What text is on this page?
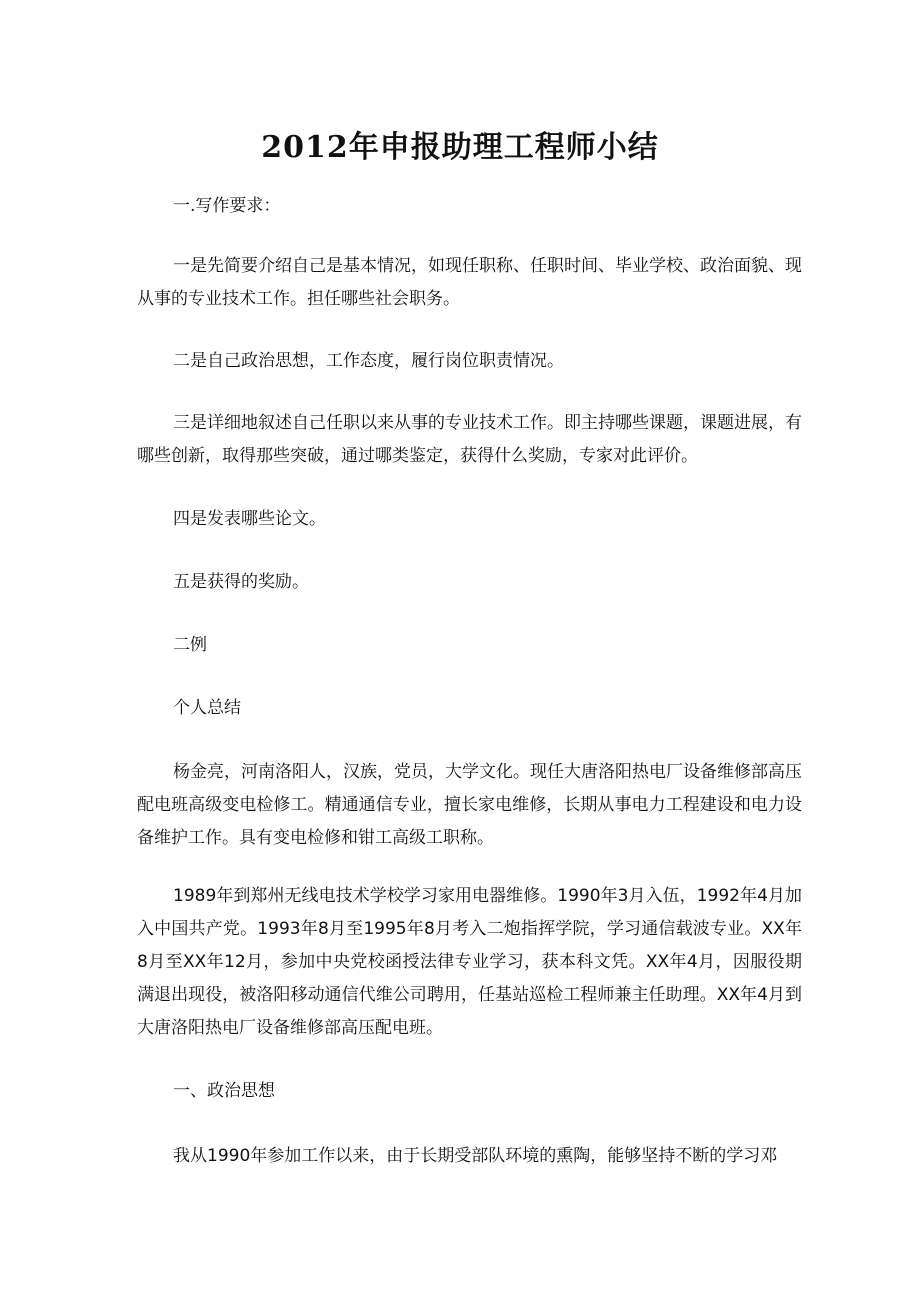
2012年申报助理工程师小结

一.写作要求：

一是先简要介绍自己是基本情况，如现任职称、任职时间、毕业学校、政治面貌、现从事的专业技术工作。担任哪些社会职务。

二是自己政治思想，工作态度，履行岗位职责情况。

三是详细地叙述自己任职以来从事的专业技术工作。即主持哪些课题，课题进展，有哪些创新，取得那些突破，通过哪类鉴定，获得什么奖励，专家对此评价。

四是发表哪些论文。

五是获得的奖励。

二例

个人总结

杨金亮，河南洛阳人，汉族，党员，大学文化。现任大唐洛阳热电厂设备维修部高压配电班高级变电检修工。精通通信专业，擅长家电维修，长期从事电力工程建设和电力设备维护工作。具有变电检修和钳工高级工职称。

1989年到郑州无线电技术学校学习家用电器维修。1990年3月入伍，1992年4月加入中国共产党。1993年8月至1995年8月考入二炮指挥学院，学习通信载波专业。XX年8月至XX年12月，参加中央党校函授法律专业学习，获本科文凭。XX年4月，因服役期满退出现役，被洛阳移动通信代维公司聘用，任基站巡检工程师兼主任助理。XX年4月到大唐洛阳热电厂设备维修部高压配电班。

一、政治思想

我从1990年参加工作以来，由于长期受部队环境的熏陶，能够坚持不断的学习邓
